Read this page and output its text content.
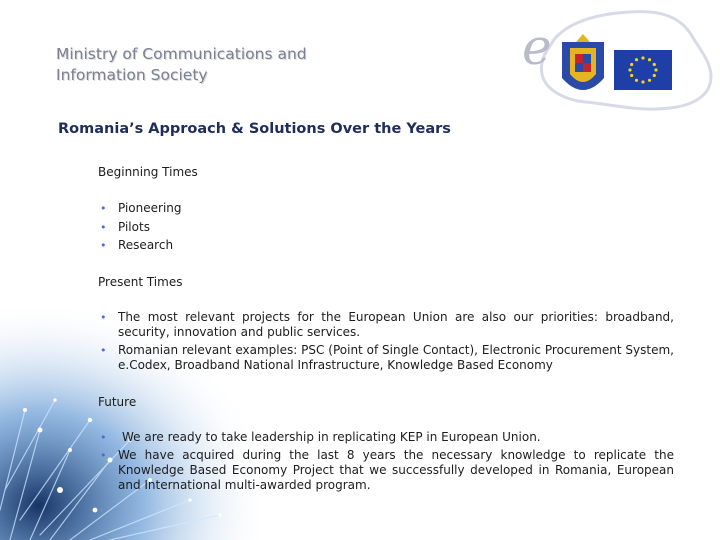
Ministry of Communications and
Information Society	e
Romania’s Approach & Solutions Over the Years
Beginning Times
• Pioneering
• Pilots
• Research
Present Times
• The most relevant projects for the European Union are also our priorities: broadband, security, innovation and public services.
• Romanian relevant examples: PSC (Point of Single Contact), Electronic Procurement System, e.Codex, Broadband National Infrastructure, Knowledge Based Economy
Future
• We are ready to take leadership in replicating KEP in European Union.
• We have acquired during the last 8 years the necessary knowledge to replicate the Knowledge Based Economy Project that we successfully developed in Romania, European and International multi-awarded program.
